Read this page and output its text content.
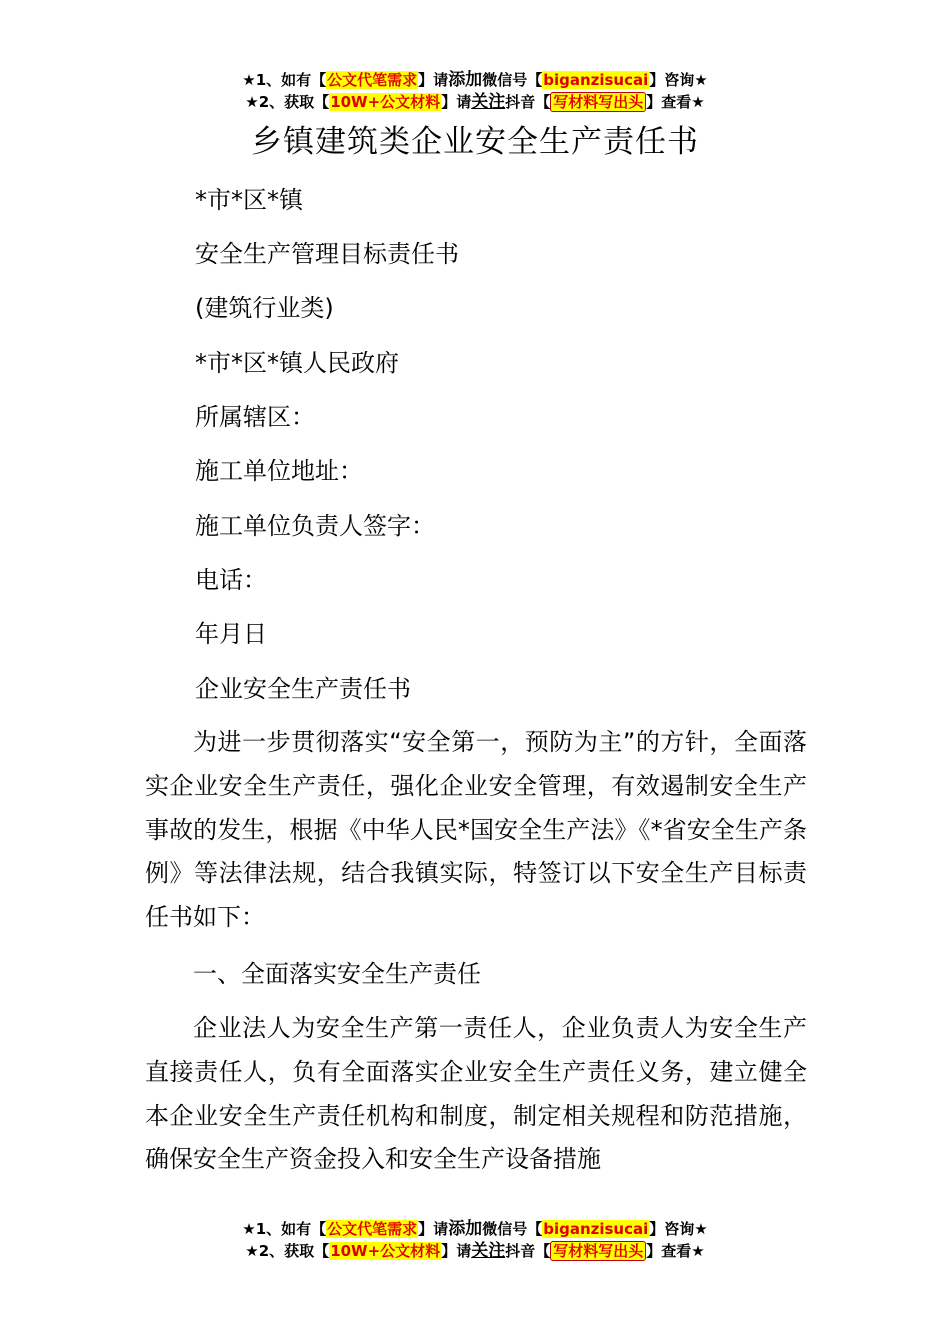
★1、如有【公文代笔需求】请添加微信号【biganzisucai】咨询★
★2、获取【10W+公文材料】请关注抖音【 写材料写出头 】查看★
乡镇建筑类企业安全生产责任书
*市*区*镇
安全生产管理目标责任书
(建筑行业类)
*市*区*镇人民政府
所属辖区：
施工单位地址：
施工单位负责人签字：
电话：
年月日
企业安全生产责任书
为进一步贯彻落实“安全第一，预防为主”的方针，全面落实企业安全生产责任，强化企业安全管理，有效遏制安全生产事故的发生，根据《中华人民*国安全生产法》《*省安全生产条例》等法律法规，结合我镇实际，特签订以下安全生产目标责任书如下：
一、全面落实安全生产责任
企业法人为安全生产第一责任人，企业负责人为安全生产直接责任人，负有全面落实企业安全生产责任义务，建立健全本企业安全生产责任机构和制度，制定相关规程和防范措施，确保安全生产资金投入和安全生产设备措施
★1、如有【公文代笔需求】请添加微信号【biganzisucai】咨询★
★2、获取【10W+公文材料】请关注抖音【 写材料写出头 】查看★
